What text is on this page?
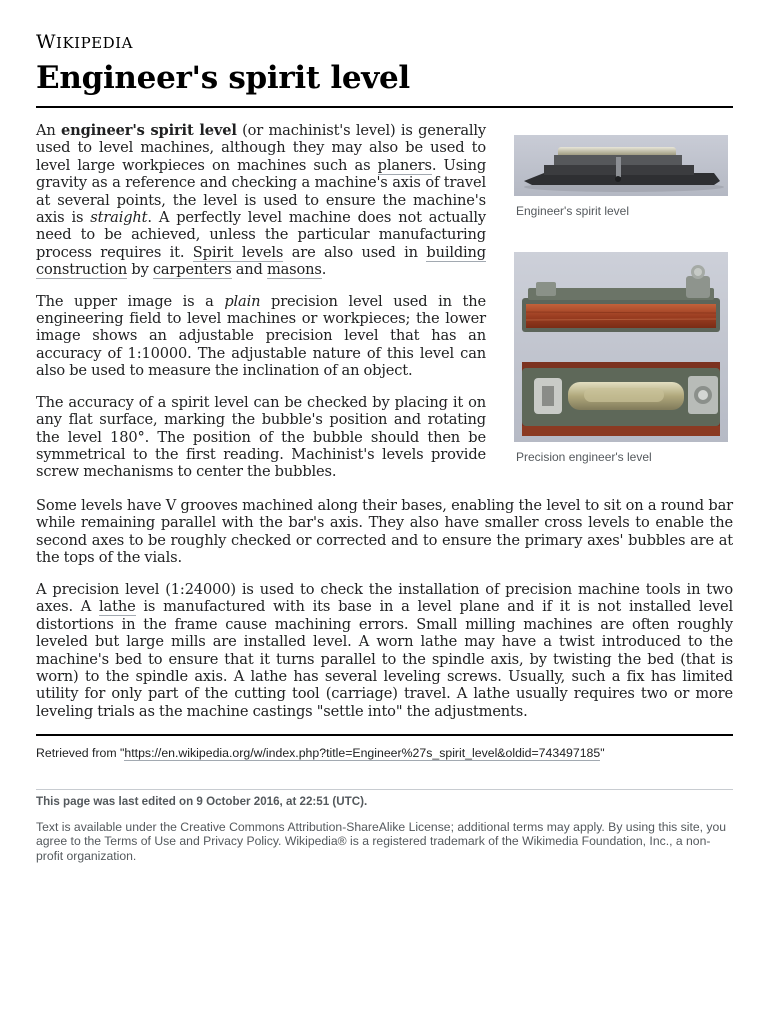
WIKIPEDIA
Engineer's spirit level

An engineer's spirit level (or machinist's level) is generally used to level machines, although they may also be used to level large workpieces on machines such as planers. Using gravity as a reference and checking a machine's axis of travel at several points, the level is used to ensure the machine's axis is straight. A perfectly level machine does not actually need to be achieved, unless the particular manufacturing process requires it. Spirit levels are also used in building construction by carpenters and masons.

The upper image is a plain precision level used in the engineering field to level machines or workpieces; the lower image shows an adjustable precision level that has an accuracy of 1:10000. The adjustable nature of this level can also be used to measure the inclination of an object.

The accuracy of a spirit level can be checked by placing it on any flat surface, marking the bubble's position and rotating the level 180°. The position of the bubble should then be symmetrical to the first reading. Machinist's levels provide screw mechanisms to center the bubbles.

Engineer's spirit level
Precision engineer's level

Some levels have V grooves machined along their bases, enabling the level to sit on a round bar while remaining parallel with the bar's axis. They also have smaller cross levels to enable the second axes to be roughly checked or corrected and to ensure the primary axes' bubbles are at the tops of the vials.

A precision level (1:24000) is used to check the installation of precision machine tools in two axes. A lathe is manufactured with its base in a level plane and if it is not installed level distortions in the frame cause machining errors. Small milling machines are often roughly leveled but large mills are installed level. A worn lathe may have a twist introduced to the machine's bed to ensure that it turns parallel to the spindle axis, by twisting the bed (that is worn) to the spindle axis. A lathe has several leveling screws. Usually, such a fix has limited utility for only part of the cutting tool (carriage) travel. A lathe usually requires two or more leveling trials as the machine castings "settle into" the adjustments.

Retrieved from "https://en.wikipedia.org/w/index.php?title=Engineer%27s_spirit_level&oldid=743497185"
This page was last edited on 9 October 2016, at 22:51 (UTC).
Text is available under the Creative Commons Attribution-ShareAlike License; additional terms may apply. By using this site, you agree to the Terms of Use and Privacy Policy. Wikipedia® is a registered trademark of the Wikimedia Foundation, Inc., a non-profit organization.
